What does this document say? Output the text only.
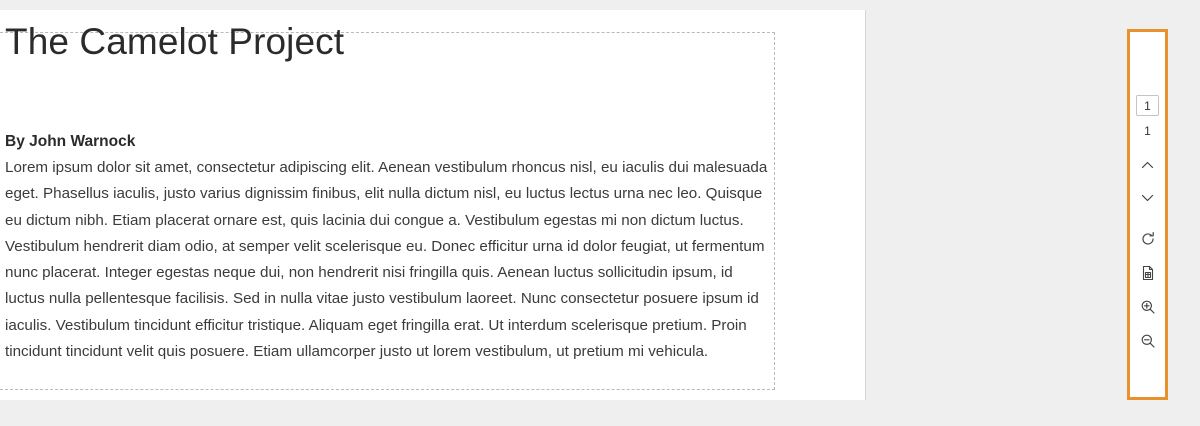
The Camelot Project
By John Warnock
Lorem ipsum dolor sit amet, consectetur adipiscing elit. Aenean vestibulum rhoncus nisl, eu iaculis dui malesuada eget. Phasellus iaculis, justo varius dignissim finibus, elit nulla dictum nisl, eu luctus lectus urna nec leo. Quisque eu dictum nibh. Etiam placerat ornare est, quis lacinia dui congue a. Vestibulum egestas mi non dictum luctus. Vestibulum hendrerit diam odio, at semper velit scelerisque eu. Donec efficitur urna id dolor feugiat, ut fermentum nunc placerat. Integer egestas neque dui, non hendrerit nisi fringilla quis. Aenean luctus sollicitudin ipsum, id luctus nulla pellentesque facilisis. Sed in nulla vitae justo vestibulum laoreet. Nunc consectetur posuere ipsum id iaculis. Vestibulum tincidunt efficitur tristique. Aliquam eget fringilla erat. Ut interdum scelerisque pretium. Proin tincidunt tincidunt velit quis posuere. Etiam ullamcorper justo ut lorem vestibulum, ut pretium mi vehicula.
1
1
